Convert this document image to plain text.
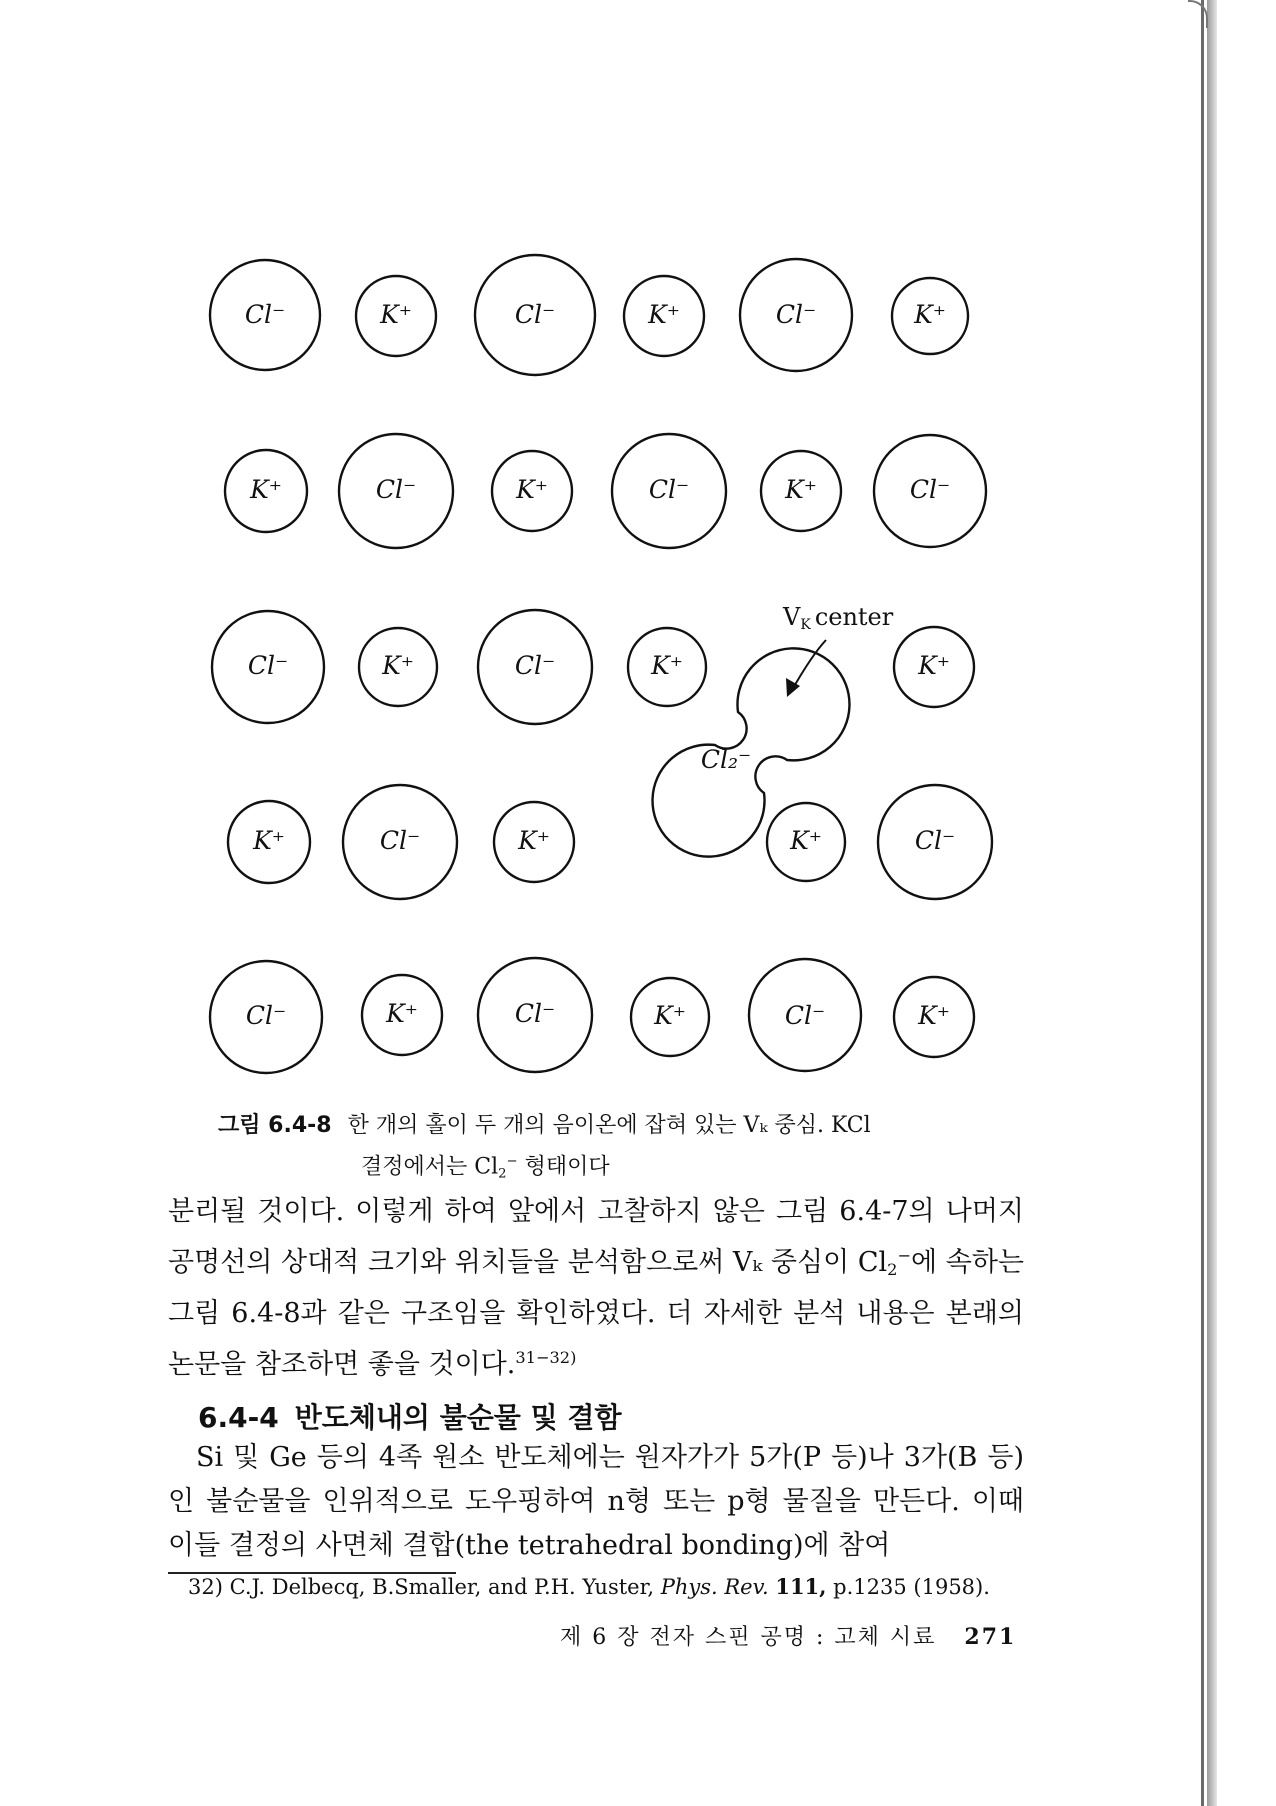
Cl⁻	K⁺	Cl⁻	K⁺	Cl⁻	K⁺
K⁺	Cl⁻	K⁺	Cl⁻	K⁺	Cl⁻
Cl⁻	K⁺	Cl⁻	K⁺	K⁺
K⁺	Cl⁻	K⁺	K⁺	Cl⁻
Cl⁻	K⁺	Cl⁻	K⁺	Cl⁻	K⁺
Cl₂⁻
VK center
그림 6.4-8 한 개의 홀이 두 개의 음이온에 잡혀 있는 Vₖ 중심. KCl
결정에서는 $Cl_2^-$ 형태이다
분리될 것이다. 이렇게 하여 앞에서 고찰하지 않은 그림 6.4-7의 나머지 공명선의 상대적 크기와 위치들을 분석함으로써 Vₖ 중심이 $Cl_2^-$에 속하는 그림 6.4-8과 같은 구조임을 확인하였다. 더 자세한 분석 내용은 본래의 논문을 참조하면 좋을 것이다.$^{31-32)}$
6.4-4 반도체내의 불순물 및 결함
Si 및 Ge 등의 4족 원소 반도체에는 원자가가 5가(P 등)나 3가(B 등)인 불순물을 인위적으로 도우핑하여 n형 또는 p형 물질을 만든다. 이때 이들 결정의 사면체 결합(the tetrahedral bonding)에 참여
32) C.J. Delbecq, B.Smaller, and P.H. Yuster, Phys. Rev. 111, p.1235 (1958).
제 6 장 전자 스핀 공명 : 고체 시료 271
